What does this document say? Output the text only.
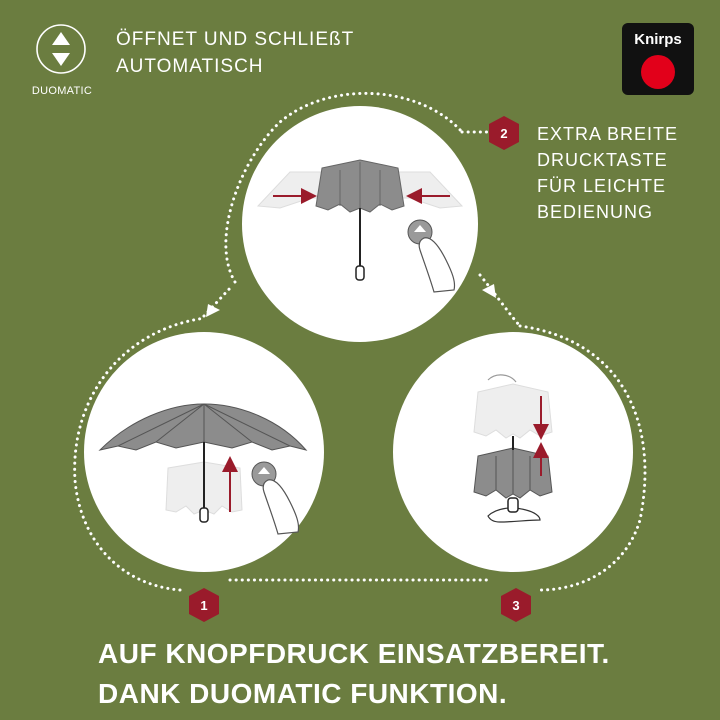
Knirps
1
2
3
ÖFFNET UND SCHLIEßT
AUTOMATISCH
DUOMATIC
EXTRA BREITE
DRUCKTASTE
FÜR LEICHTE
BEDIENUNG
AUF KNOPFDRUCK EINSATZBEREIT.
DANK DUOMATIC FUNKTION.
